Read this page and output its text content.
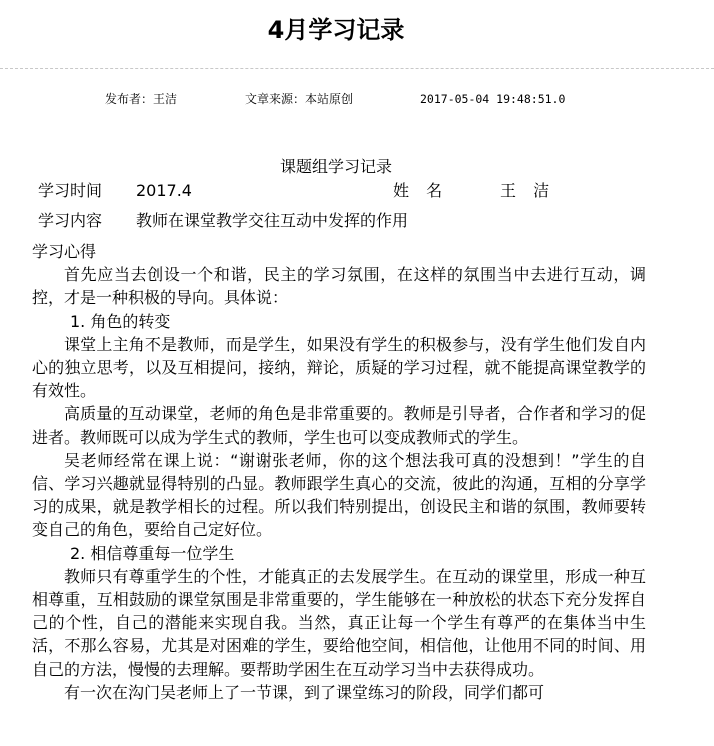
4月学习记录
发布者：王洁	文章来源：本站原创	2017-05-04 19:48:51.0

课题组学习记录

学习时间 2017.4	姓 名	王 洁
学习内容 教师在课堂教学交往互动中发挥的作用

学习心得

首先应当去创设一个和谐，民主的学习氛围，在这样的氛围当中去进行互动，调控，才是一种积极的导向。具体说：

1. 角色的转变

课堂上主角不是教师，而是学生，如果没有学生的积极参与，没有学生他们发自内心的独立思考，以及互相提问，接纳，辩论，质疑的学习过程，就不能提高课堂教学的有效性。

高质量的互动课堂，老师的角色是非常重要的。教师是引导者，合作者和学习的促进者。教师既可以成为学生式的教师，学生也可以变成教师式的学生。

吴老师经常在课上说：“谢谢张老师，你的这个想法我可真的没想到！”学生的自信、学习兴趣就显得特别的凸显。教师跟学生真心的交流，彼此的沟通，互相的分享学习的成果，就是教学相长的过程。所以我们特别提出，创设民主和谐的氛围，教师要转变自己的角色，要给自己定好位。

2. 相信尊重每一位学生

教师只有尊重学生的个性，才能真正的去发展学生。在互动的课堂里，形成一种互相尊重，互相鼓励的课堂氛围是非常重要的，学生能够在一种放松的状态下充分发挥自己的个性，自己的潜能来实现自我。当然，真正让每一个学生有尊严的在集体当中生活，不那么容易，尤其是对困难的学生，要给他空间，相信他，让他用不同的时间、用自己的方法，慢慢的去理解。要帮助学困生在互动学习当中去获得成功。

有一次在沟门吴老师上了一节课，到了课堂练习的阶段，同学们都可
